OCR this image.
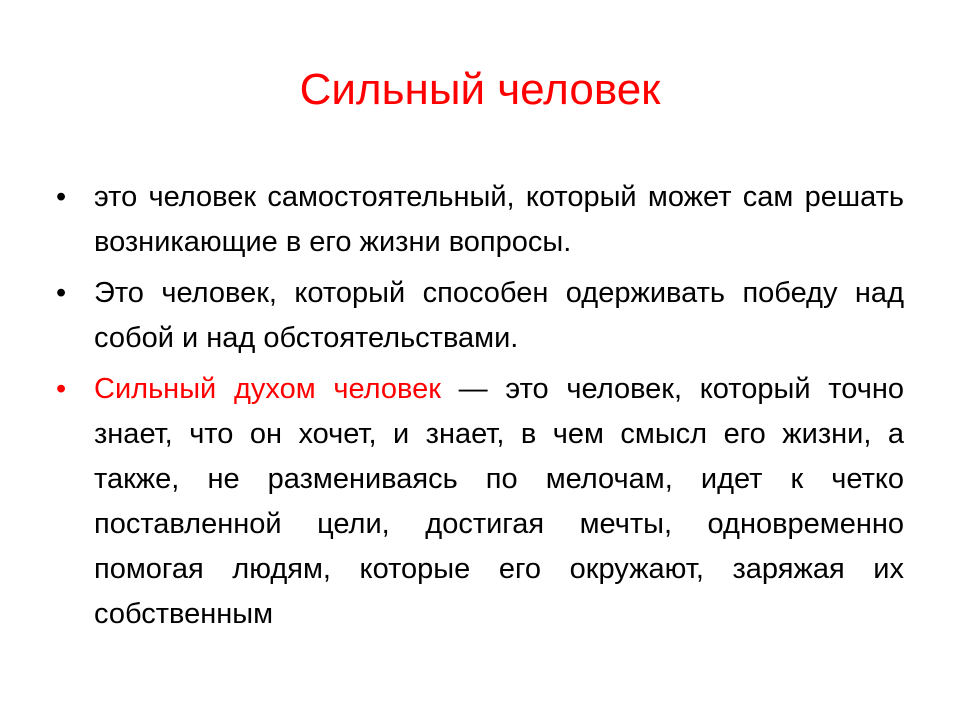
Сильный человек
• это человек самостоятельный, который может сам решать возникающие в его жизни вопросы.
• Это человек, который способен одерживать победу над собой и над обстоятельствами.
• Сильный духом человек — это человек, который точно знает, что он хочет, и знает, в чем смысл его жизни, а также, не размениваясь по мелочам, идет к четко поставленной цели, достигая мечты, одновременно помогая людям, которые его окружают, заряжая их собственным
